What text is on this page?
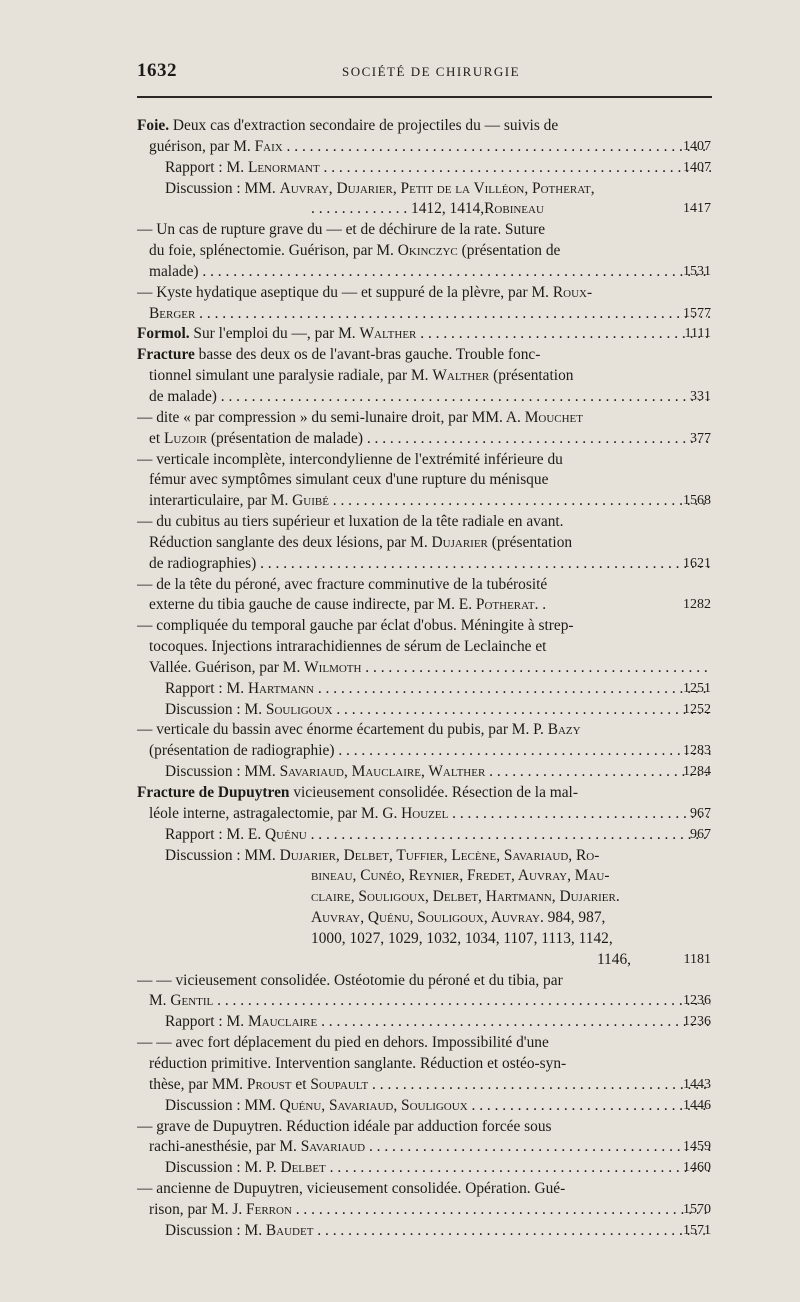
1632	SOCIÉTÉ DE CHIRURGIE
Foie. Deux cas d'extraction secondaire de projectiles du — suivis de
guérison, par M. Faix . . .	1407
Rapport : M. Lenormant . . .	1407
Discussion : MM. Auvray, Dujarier, Petit de la Villéon, Potherat,
. . . . . . . . . . . . . 1412, 1414,Robineau	1417
— Un cas de rupture grave du — et de déchirure de la rate. Suture
du foie, splénectomie. Guérison, par M. Okinczyc (présentation de
malade) . . .	1531
— Kyste hydatique aseptique du — et suppuré de la plèvre, par M. Roux-
Berger . . .	1577
Formol. Sur l'emploi du —, par M. Walther . . .	1111
Fracture basse des deux os de l'avant-bras gauche. Trouble fonc-
tionnel simulant une paralysie radiale, par M. Walther (présentation
de malade) . . .	331
— dite « par compression » du semi-lunaire droit, par MM. A. Mouchet
et Luzoir (présentation de malade) . . .	377
— verticale incomplète, intercondylienne de l'extrémité inférieure du
fémur avec symptômes simulant ceux d'une rupture du ménisque
interarticulaire, par M. Guibé . . .	1568
— du cubitus au tiers supérieur et luxation de la tête radiale en avant.
Réduction sanglante des deux lésions, par M. Dujarier (présentation
de radiographies) . . .	1621
— de la tête du péroné, avec fracture comminutive de la tubérosité
externe du tibia gauche de cause indirecte, par M. E. Potherat. .	1282
— compliquée du temporal gauche par éclat d'obus. Méningite à strep-
tocoques. Injections intrarachidiennes de sérum de Leclainche et
Vallée. Guérison, par M. Wilmoth . . .
Rapport : M. Hartmann . . .	1251
Discussion : M. Souligoux . . .	1252
— verticale du bassin avec énorme écartement du pubis, par M. P. Bazy
(présentation de radiographie) . . .	1283
Discussion : MM. Savariaud, Mauclaire, Walther . . .	1284
Fracture de Dupuytren vicieusement consolidée. Résection de la mal-
léole interne, astragalectomie, par M. G. Houzel . . .	967
Rapport : M. E. Quénu . . .	967
Discussion : MM. Dujarier, Delbet, Tuffier, Lecène, Savariaud, Ro-
bineau, Cunéo, Reynier, Fredet, Auvray, Mau-
claire, Souligoux, Delbet, Hartmann, Dujarier.
Auvray, Quénu, Souligoux, Auvray. 984, 987,
1000, 1027, 1029, 1032, 1034, 1107, 1113, 1142,
1146,	1181
— — vicieusement consolidée. Ostéotomie du péroné et du tibia, par
M. Gentil . . .	1236
Rapport : M. Mauclaire . . .	1236
— — avec fort déplacement du pied en dehors. Impossibilité d'une
réduction primitive. Intervention sanglante. Réduction et ostéo-syn-
thèse, par MM. Proust et Soupault . . .	1443
Discussion : MM. Quénu, Savariaud, Souligoux . . .	1446
— grave de Dupuytren. Réduction idéale par adduction forcée sous
rachi-anesthésie, par M. Savariaud . . .	1459
Discussion : M. P. Delbet . . .	1460
— ancienne de Dupuytren, vicieusement consolidée. Opération. Gué-
rison, par M. J. Ferron . . .	1570
Discussion : M. Baudet . . .	1571
